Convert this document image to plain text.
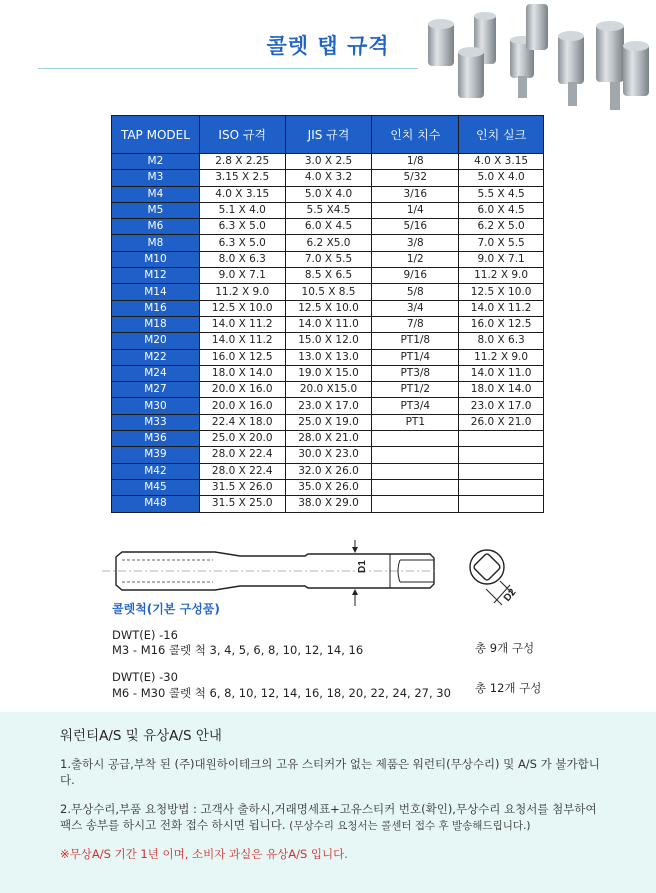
콜렛 탭 규격
TAP MODEL	ISO 규격	JIS 규격	인치 치수	인치 실크
M2	2.8 X 2.25	3.0 X 2.5	1/8	4.0 X 3.15
M3	3.15 X 2.5	4.0 X 3.2	5/32	5.0 X 4.0
M4	4.0 X 3.15	5.0 X 4.0	3/16	5.5 X 4.5
M5	5.1 X 4.0	5.5 X4.5	1/4	6.0 X 4.5
M6	6.3 X 5.0	6.0 X 4.5	5/16	6.2 X 5.0
M8	6.3 X 5.0	6.2 X5.0	3/8	7.0 X 5.5
M10	8.0 X 6.3	7.0 X 5.5	1/2	9.0 X 7.1
M12	9.0 X 7.1	8.5 X 6.5	9/16	11.2 X 9.0
M14	11.2 X 9.0	10.5 X 8.5	5/8	12.5 X 10.0
M16	12.5 X 10.0	12.5 X 10.0	3/4	14.0 X 11.2
M18	14.0 X 11.2	14.0 X 11.0	7/8	16.0 X 12.5
M20	14.0 X 11.2	15.0 X 12.0	PT1/8	8.0 X 6.3
M22	16.0 X 12.5	13.0 X 13.0	PT1/4	11.2 X 9.0
M24	18.0 X 14.0	19.0 X 15.0	PT3/8	14.0 X 11.0
M27	20.0 X 16.0	20.0 X15.0	PT1/2	18.0 X 14.0
M30	20.0 X 16.0	23.0 X 17.0	PT3/4	23.0 X 17.0
M33	22.4 X 18.0	25.0 X 19.0	PT1	26.0 X 21.0
M36	25.0 X 20.0	28.0 X 21.0		
M39	28.0 X 22.4	30.0 X 23.0		
M42	28.0 X 22.4	32.0 X 26.0		
M45	31.5 X 26.0	35.0 X 26.0		
M48	31.5 X 25.0	38.0 X 29.0		
D1
D2
콜렛척(기본 구성품)
DWT(E) -16
M3 - M16 콜렛 척 3, 4, 5, 6, 8, 10, 12, 14, 16	총 9개 구성
DWT(E) -30
M6 - M30 콜렛 척 6, 8, 10, 12, 14, 16, 18, 20, 22, 24, 27, 30 총 12개 구성
워런티A/S 및 유상A/S 안내
1.출하시 공급,부착 된 (주)대원하이테크의 고유 스티커가 없는 제품은 워런티(무상수리) 및 A/S 가 불가합니다.
2.무상수리,부품 요청방법 : 고객사 출하시,거래명세표+고유스티커 번호(확인),무상수리 요청서를 첨부하여 팩스 송부를 하시고 전화 접수 하시면 됩니다. (무상수리 요청서는 콜센터 접수 후 발송해드립니다.)
※무상A/S 기간 1년 이며, 소비자 과실은 유상A/S 입니다.
